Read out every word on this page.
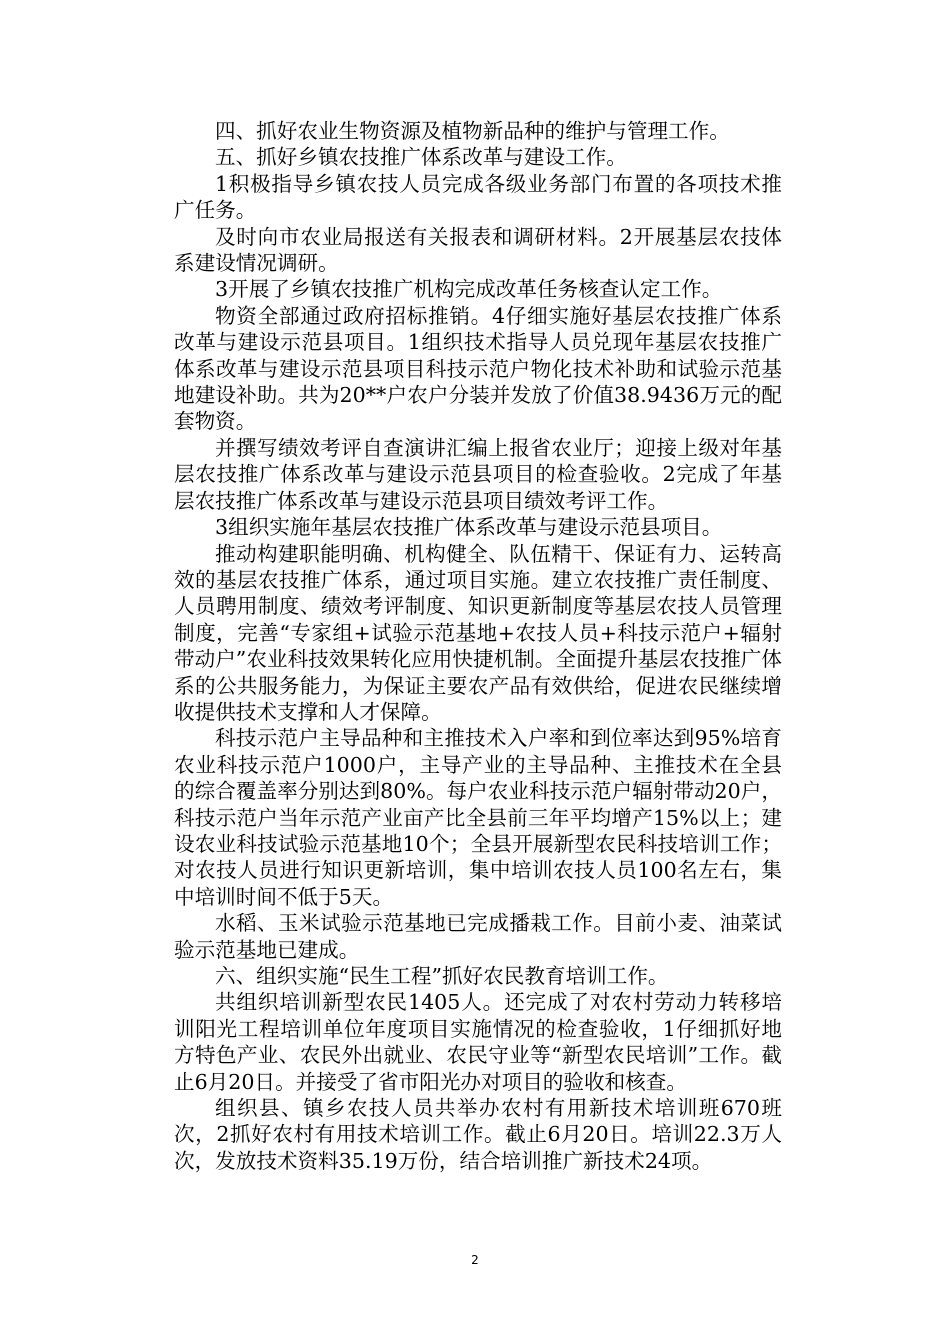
四、抓好农业生物资源及植物新品种的维护与管理工作。

五、抓好乡镇农技推广体系改革与建设工作。

1积极指导乡镇农技人员完成各级业务部门布置的各项技术推广任务。

及时向市农业局报送有关报表和调研材料。2开展基层农技体系建设情况调研。

3开展了乡镇农技推广机构完成改革任务核查认定工作。

物资全部通过政府招标推销。4仔细实施好基层农技推广体系改革与建设示范县项目。1组织技术指导人员兑现年基层农技推广体系改革与建设示范县项目科技示范户物化技术补助和试验示范基地建设补助。共为20**户农户分装并发放了价值38.9436万元的配套物资。

并撰写绩效考评自查演讲汇编上报省农业厅；迎接上级对年基层农技推广体系改革与建设示范县项目的检查验收。2完成了年基层农技推广体系改革与建设示范县项目绩效考评工作。

3组织实施年基层农技推广体系改革与建设示范县项目。

推动构建职能明确、机构健全、队伍精干、保证有力、运转高效的基层农技推广体系，通过项目实施。建立农技推广责任制度、人员聘用制度、绩效考评制度、知识更新制度等基层农技人员管理制度，完善“专家组+试验示范基地+农技人员+科技示范户+辐射带动户”农业科技效果转化应用快捷机制。全面提升基层农技推广体系的公共服务能力，为保证主要农产品有效供给，促进农民继续增收提供技术支撑和人才保障。

科技示范户主导品种和主推技术入户率和到位率达到95%培育农业科技示范户1000户，主导产业的主导品种、主推技术在全县的综合覆盖率分别达到80%。每户农业科技示范户辐射带动20户，科技示范户当年示范产业亩产比全县前三年平均增产15%以上；建设农业科技试验示范基地10个；全县开展新型农民科技培训工作；对农技人员进行知识更新培训，集中培训农技人员100名左右，集中培训时间不低于5天。

水稻、玉米试验示范基地已完成播栽工作。目前小麦、油菜试验示范基地已建成。

六、组织实施“民生工程”抓好农民教育培训工作。

共组织培训新型农民1405人。还完成了对农村劳动力转移培训阳光工程培训单位年度项目实施情况的检查验收，1仔细抓好地方特色产业、农民外出就业、农民守业等“新型农民培训”工作。截止6月20日。并接受了省市阳光办对项目的验收和核查。

组织县、镇乡农技人员共举办农村有用新技术培训班670班次，2抓好农村有用技术培训工作。截止6月20日。培训22.3万人次，发放技术资料35.19万份，结合培训推广新技术24项。

2
